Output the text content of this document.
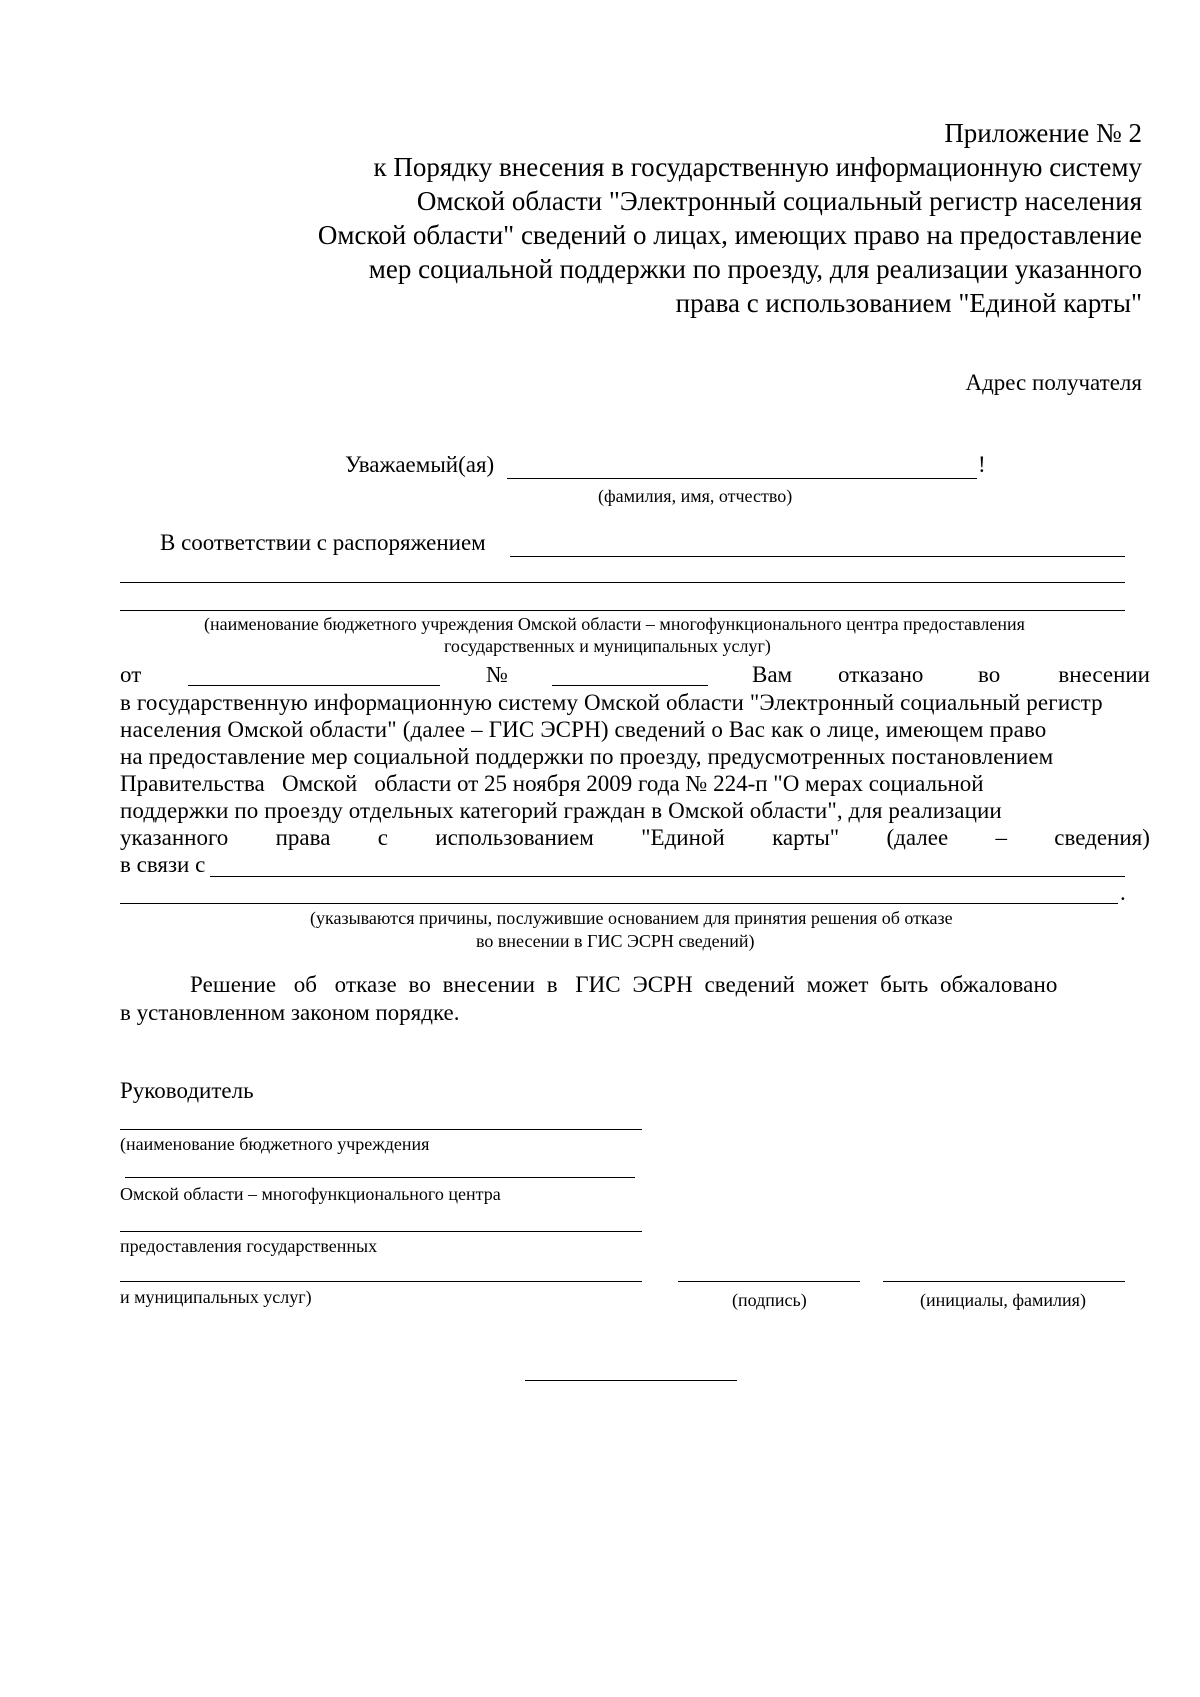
Приложение № 2
к Порядку внесения в государственную информационную систему
Омской области "Электронный социальный регистр населения
Омской области" сведений о лицах, имеющих право на предоставление
мер социальной поддержки по проезду, для реализации указанного
права с использованием "Единой карты"
Адрес получателя
Уважаемый(ая)	!
(фамилия, имя, отчество)
В соответствии с распоряжением
(наименование бюджетного учреждения Омской области – многофункционального центра предоставления
государственных и муниципальных услуг)
от	№	Вам отказано во	внесении
в государственную информационную систему Омской области "Электронный социальный регистр
населения Омской области" (далее – ГИС ЭСРН) сведений о Вас как о лице, имеющем право
на предоставление мер социальной поддержки по проезду, предусмотренных постановлением
Правительства   Омской   области от 25 ноября 2009 года № 224-п "О мерах социальной
поддержки по проезду отдельных категорий граждан в Омской области", для реализации
указанного права с использованием "Единой карты" (далее – сведения)
в связи с
.
(указываются причины, послужившие основанием для принятия решения об отказе
во внесении в ГИС ЭСРН сведений)
Решение   об   отказе  во  внесении  в   ГИС  ЭСРН  сведений  может  быть  обжаловано
в установленном законом порядке.
Руководитель
(наименование бюджетного учреждения
Омской области – многофункционального центра
предоставления государственных
и муниципальных услуг)	(подпись)	(инициалы, фамилия)
